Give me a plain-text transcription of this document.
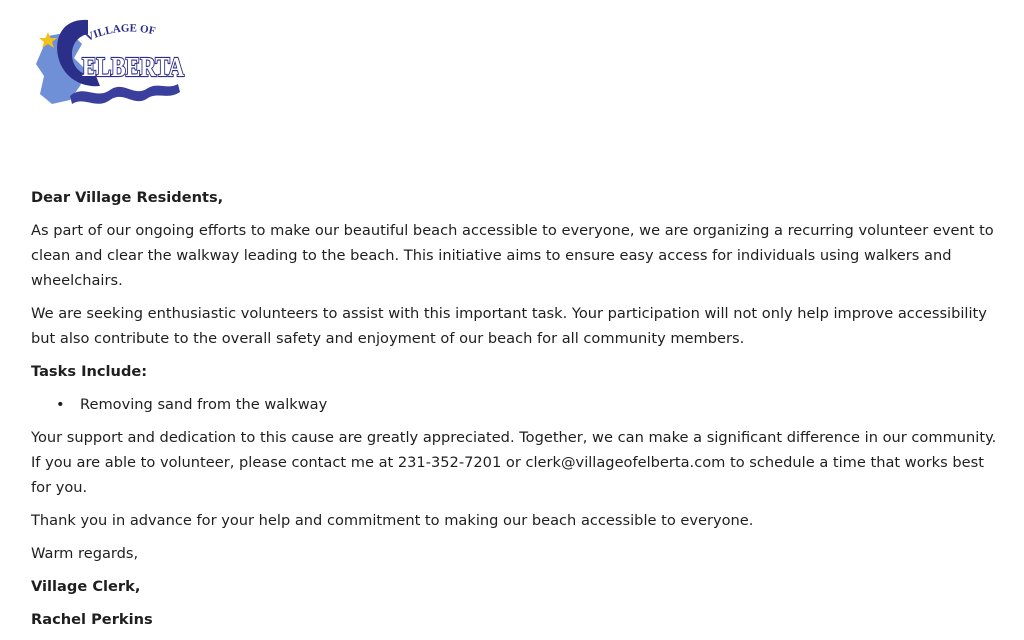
VILLAGE OF
ELBERTA

Dear Village Residents,

As part of our ongoing efforts to make our beautiful beach accessible to everyone, we are organizing a recurring volunteer event to clean and clear the walkway leading to the beach. This initiative aims to ensure easy access for individuals using walkers and wheelchairs.

We are seeking enthusiastic volunteers to assist with this important task. Your participation will not only help improve accessibility but also contribute to the overall safety and enjoyment of our beach for all community members.

Tasks Include:

• Removing sand from the walkway

Your support and dedication to this cause are greatly appreciated. Together, we can make a significant difference in our community. If you are able to volunteer, please contact me at 231-352-7201 or clerk@villageofelberta.com to schedule a time that works best for you.

Thank you in advance for your help and commitment to making our beach accessible to everyone.

Warm regards,

Village Clerk,

Rachel Perkins
